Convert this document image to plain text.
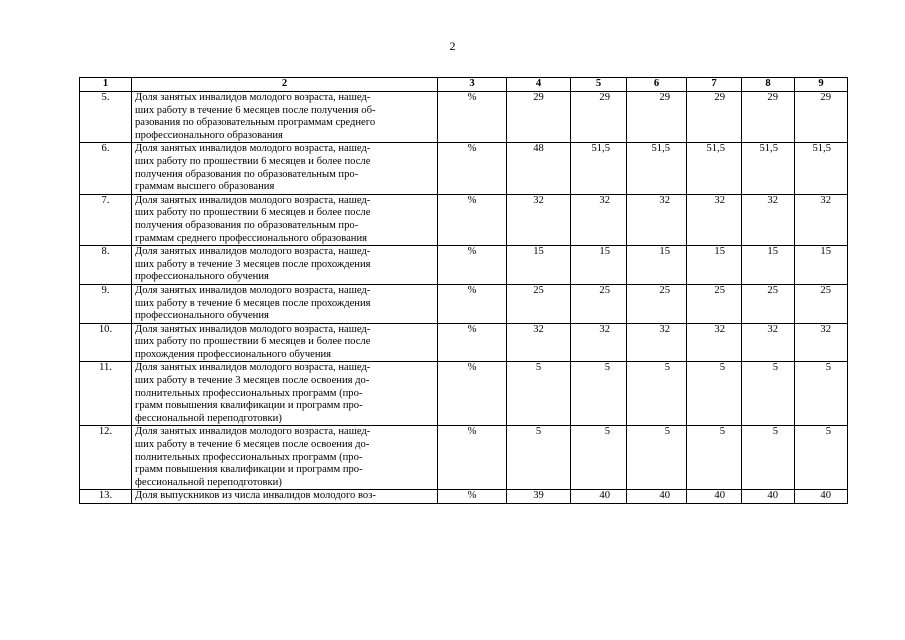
2
1	2	3	4	5	6	7	8	9
5.	Доля занятых инвалидов молодого возраста, нашед-
ших работу в течение 6 месяцев после получения об-
разования по образовательным программам среднего
профессионального образования	%	29	29	29	29	29	29
6.	Доля занятых инвалидов молодого возраста, нашед-
ших работу по прошествии 6 месяцев и более после
получения образования по образовательным про-
граммам высшего образования	%	48	51,5	51,5	51,5	51,5	51,5
7.	Доля занятых инвалидов молодого возраста, нашед-
ших работу по прошествии 6 месяцев и более после
получения образования по образовательным про-
граммам среднего профессионального образования	%	32	32	32	32	32	32
8.	Доля занятых инвалидов молодого возраста, нашед-
ших работу в течение 3 месяцев после прохождения
профессионального обучения	%	15	15	15	15	15	15
9.	Доля занятых инвалидов молодого возраста, нашед-
ших работу в течение 6 месяцев после прохождения
профессионального обучения	%	25	25	25	25	25	25
10.	Доля занятых инвалидов молодого возраста, нашед-
ших работу по прошествии 6 месяцев и более после
прохождения профессионального обучения	%	32	32	32	32	32	32
11.	Доля занятых инвалидов молодого возраста, нашед-
ших работу в течение 3 месяцев после освоения до-
полнительных профессиональных программ (про-
грамм повышения квалификации и программ про-
фессиональной переподготовки)	%	5	5	5	5	5	5
12.	Доля занятых инвалидов молодого возраста, нашед-
ших работу в течение 6 месяцев после освоения до-
полнительных профессиональных программ (про-
грамм повышения квалификации и программ про-
фессиональной переподготовки)	%	5	5	5	5	5	5
13.	Доля выпускников из числа инвалидов молодого воз-	%	39	40	40	40	40	40
